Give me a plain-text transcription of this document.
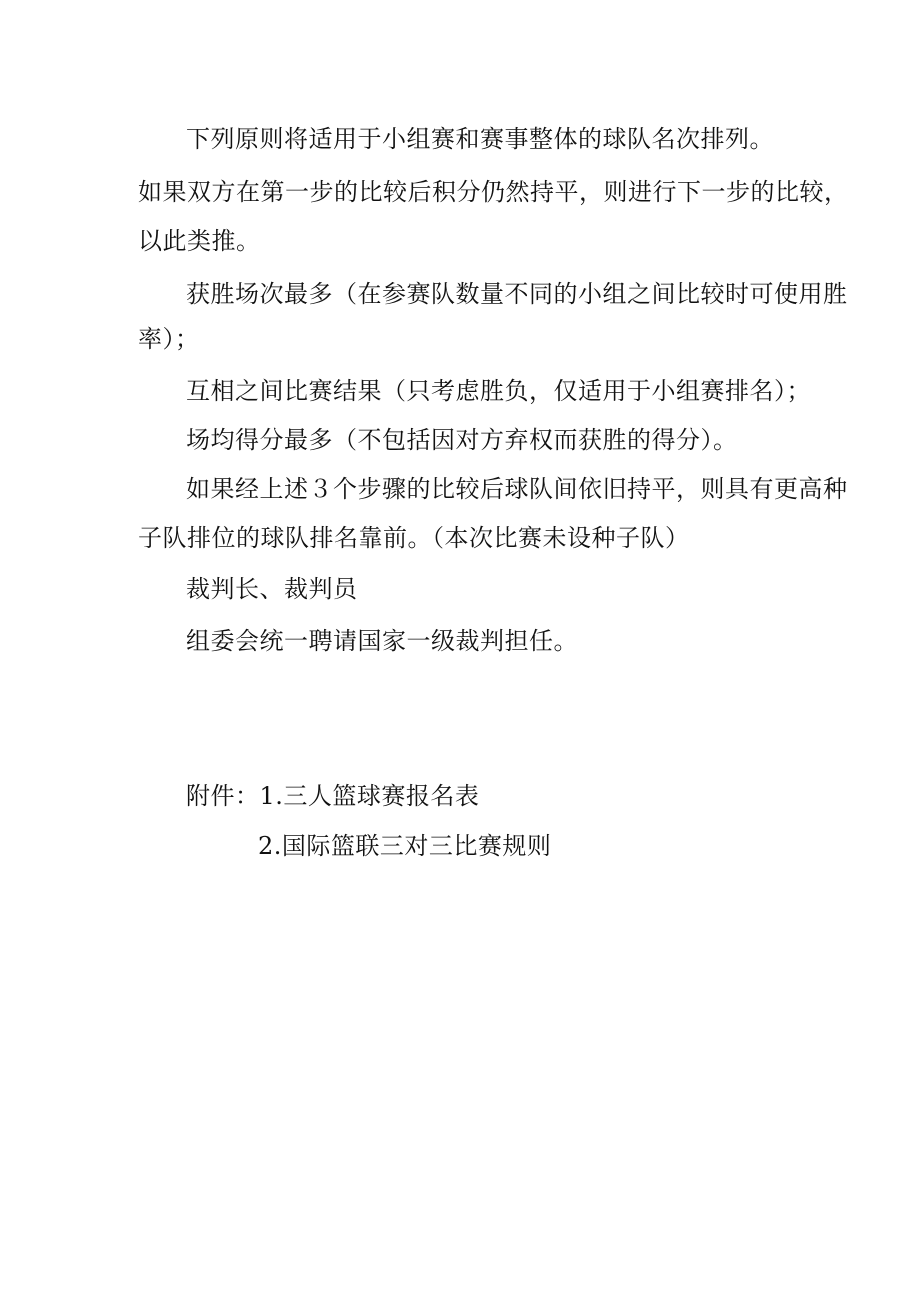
下列原则将适用于小组赛和赛事整体的球队名次排列。
如果双方在第一步的比较后积分仍然持平，则进行下一步的比较，
以此类推。
获胜场次最多（在参赛队数量不同的小组之间比较时可使用胜
率）；
互相之间比赛结果（只考虑胜负，仅适用于小组赛排名）；
场均得分最多（不包括因对方弃权而获胜的得分）。
如果经上述３个步骤的比较后球队间依旧持平，则具有更高种
子队排位的球队排名靠前。（本次比赛未设种子队）
裁判长、裁判员
组委会统一聘请国家一级裁判担任。
附件：1.三人篮球赛报名表
2.国际篮联三对三比赛规则
